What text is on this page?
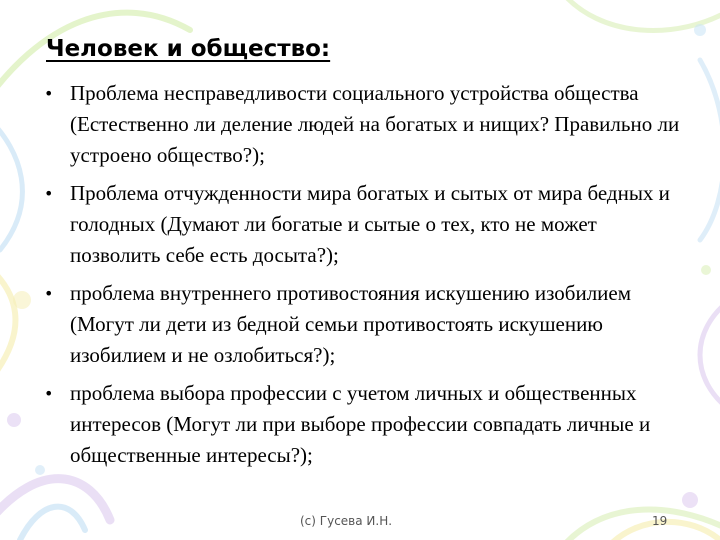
Человек и общество:
• Проблема несправедливости социального устройства общества (Естественно ли деление людей на богатых и нищих? Правильно ли устроено общество?);
• Проблема отчужденности мира богатых и сытых от мира бедных и голодных (Думают ли богатые и сытые о тех, кто не может позволить себе есть досыта?);
• проблема внутреннего противостояния искушению изобилием (Могут ли дети из бедной семьи противостоять искушению изобилием и не озлобиться?);
• проблема выбора профессии с учетом личных и общественных интересов (Могут ли при выборе профессии совпадать личные и общественные интересы?);
(с) Гусева И.Н.	19
